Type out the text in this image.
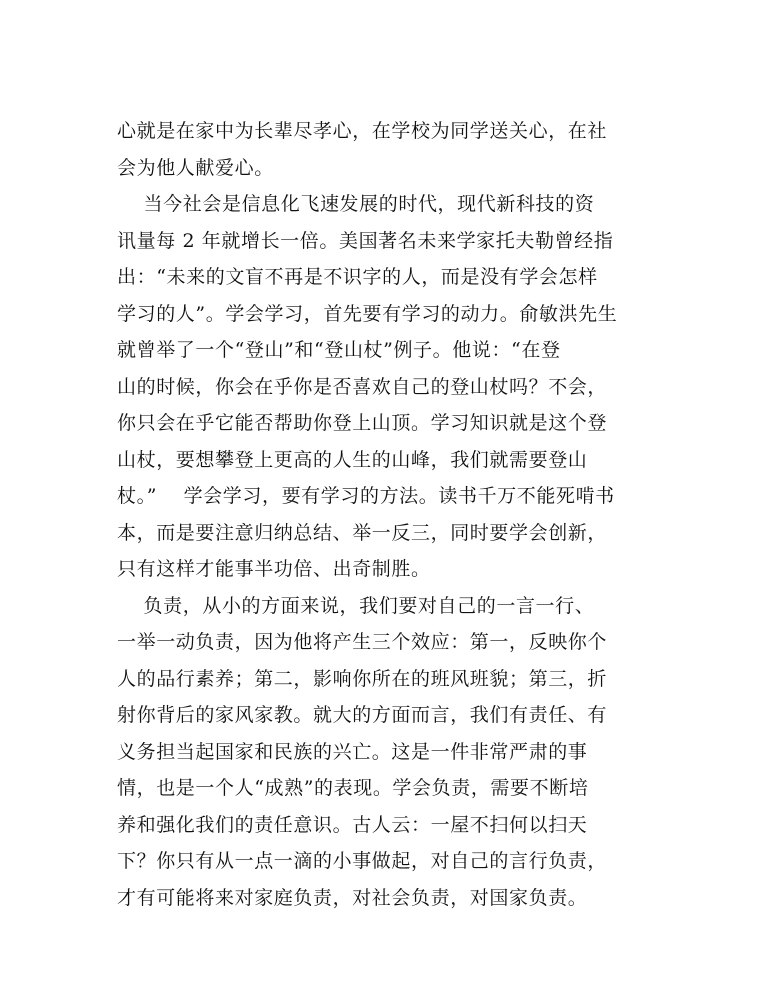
心就是在家中为长辈尽孝心，在学校为同学送关心，在社
会为他人献爱心。
当今社会是信息化飞速发展的时代，现代新科技的资
讯量每 2 年就增长一倍。美国著名未来学家托夫勒曾经指
出：“未来的文盲不再是不识字的人，而是没有学会怎样
学习的人”。学会学习，首先要有学习的动力。俞敏洪先生
就曾举了一个“登山”和“登山杖”例子。他说：“在登
山的时候，你会在乎你是否喜欢自己的登山杖吗？不会，
你只会在乎它能否帮助你登上山顶。学习知识就是这个登
山杖，要想攀登上更高的人生的山峰，我们就需要登山
杖。”    学会学习，要有学习的方法。读书千万不能死啃书
本，而是要注意归纳总结、举一反三，同时要学会创新，
只有这样才能事半功倍、出奇制胜。
负责，从小的方面来说，我们要对自己的一言一行、
一举一动负责，因为他将产生三个效应：第一，反映你个
人的品行素养；第二，影响你所在的班风班貌；第三，折
射你背后的家风家教。就大的方面而言，我们有责任、有
义务担当起国家和民族的兴亡。这是一件非常严肃的事
情，也是一个人“成熟”的表现。学会负责，需要不断培
养和强化我们的责任意识。古人云：一屋不扫何以扫天
下？你只有从一点一滴的小事做起，对自己的言行负责，
才有可能将来对家庭负责，对社会负责，对国家负责。
